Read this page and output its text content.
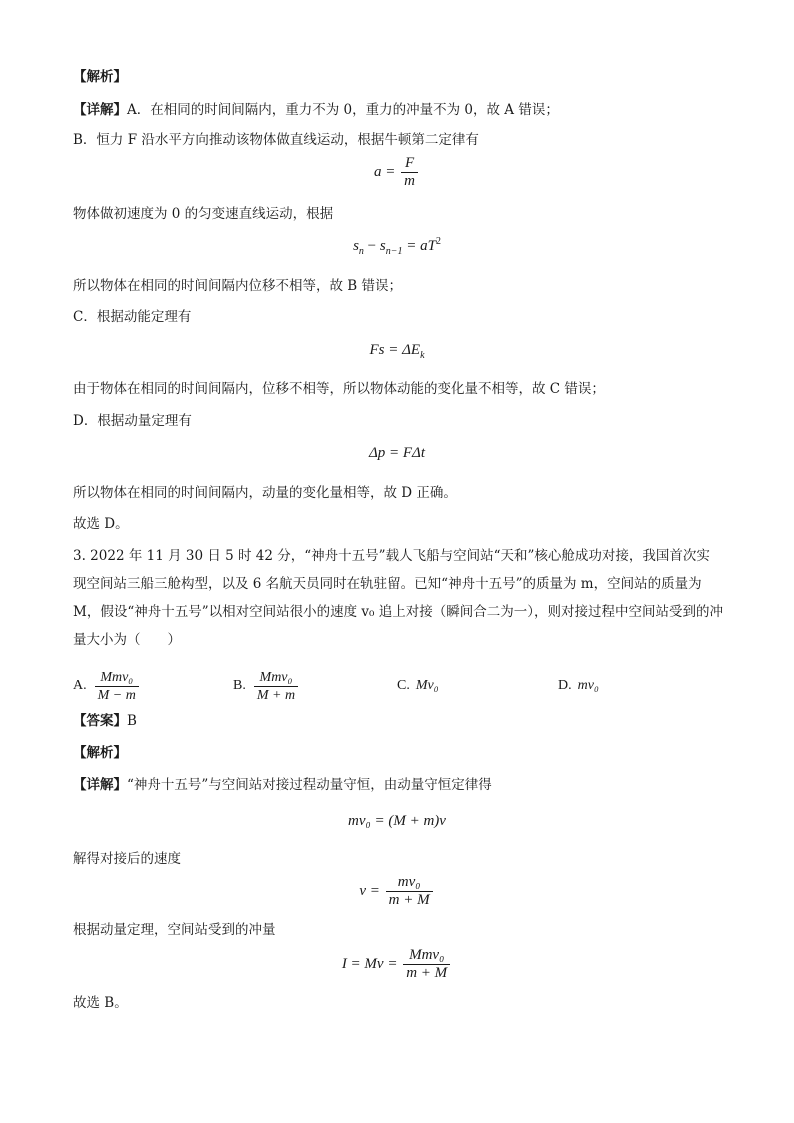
【解析】
【详解】A．在相同的时间间隔内，重力不为 0，重力的冲量不为 0，故 A 错误；
B．恒力 F 沿水平方向推动该物体做直线运动，根据牛顿第二定律有
$a = \frac{F}{m}$
物体做初速度为 0 的匀变速直线运动，根据
$s_n - s_{n-1} = aT^2$
所以物体在相同的时间间隔内位移不相等，故 B 错误；
C．根据动能定理有
$Fs = \Delta E_k$
由于物体在相同的时间间隔内，位移不相等，所以物体动能的变化量不相等，故 C 错误；
D．根据动量定理有
Δp = FΔt
所以物体在相同的时间间隔内，动量的变化量相等，故 D 正确。
故选 D。
3. 2022 年 11 月 30 日 5 时 42 分，“神舟十五号”载人飞船与空间站“天和”核心舱成功对接，我国首次实现空间站三船三舱构型，以及 6 名航天员同时在轨驻留。已知“神舟十五号”的质量为 m，空间站的质量为 M，假设“神舟十五号”以相对空间站很小的速度 v₀ 追上对接（瞬间合二为一），则对接过程中空间站受到的冲量大小为（　　）
A. $\frac{\text{Mmv₀}}{M - m}$	B. $\frac{\text{Mmv₀}}{M + m}$	C. Mv₀	D. mv₀
【答案】B
【解析】
【详解】“神舟十五号”与空间站对接过程动量守恒，由动量守恒定律得
mv₀ = (M + m)v
解得对接后的速度
$v = \frac{\text{mv₀}}{m + M}$
根据动量定理，空间站受到的冲量
$I = Mv = \frac{\text{Mmv₀}}{m + M}$
故选 B。
